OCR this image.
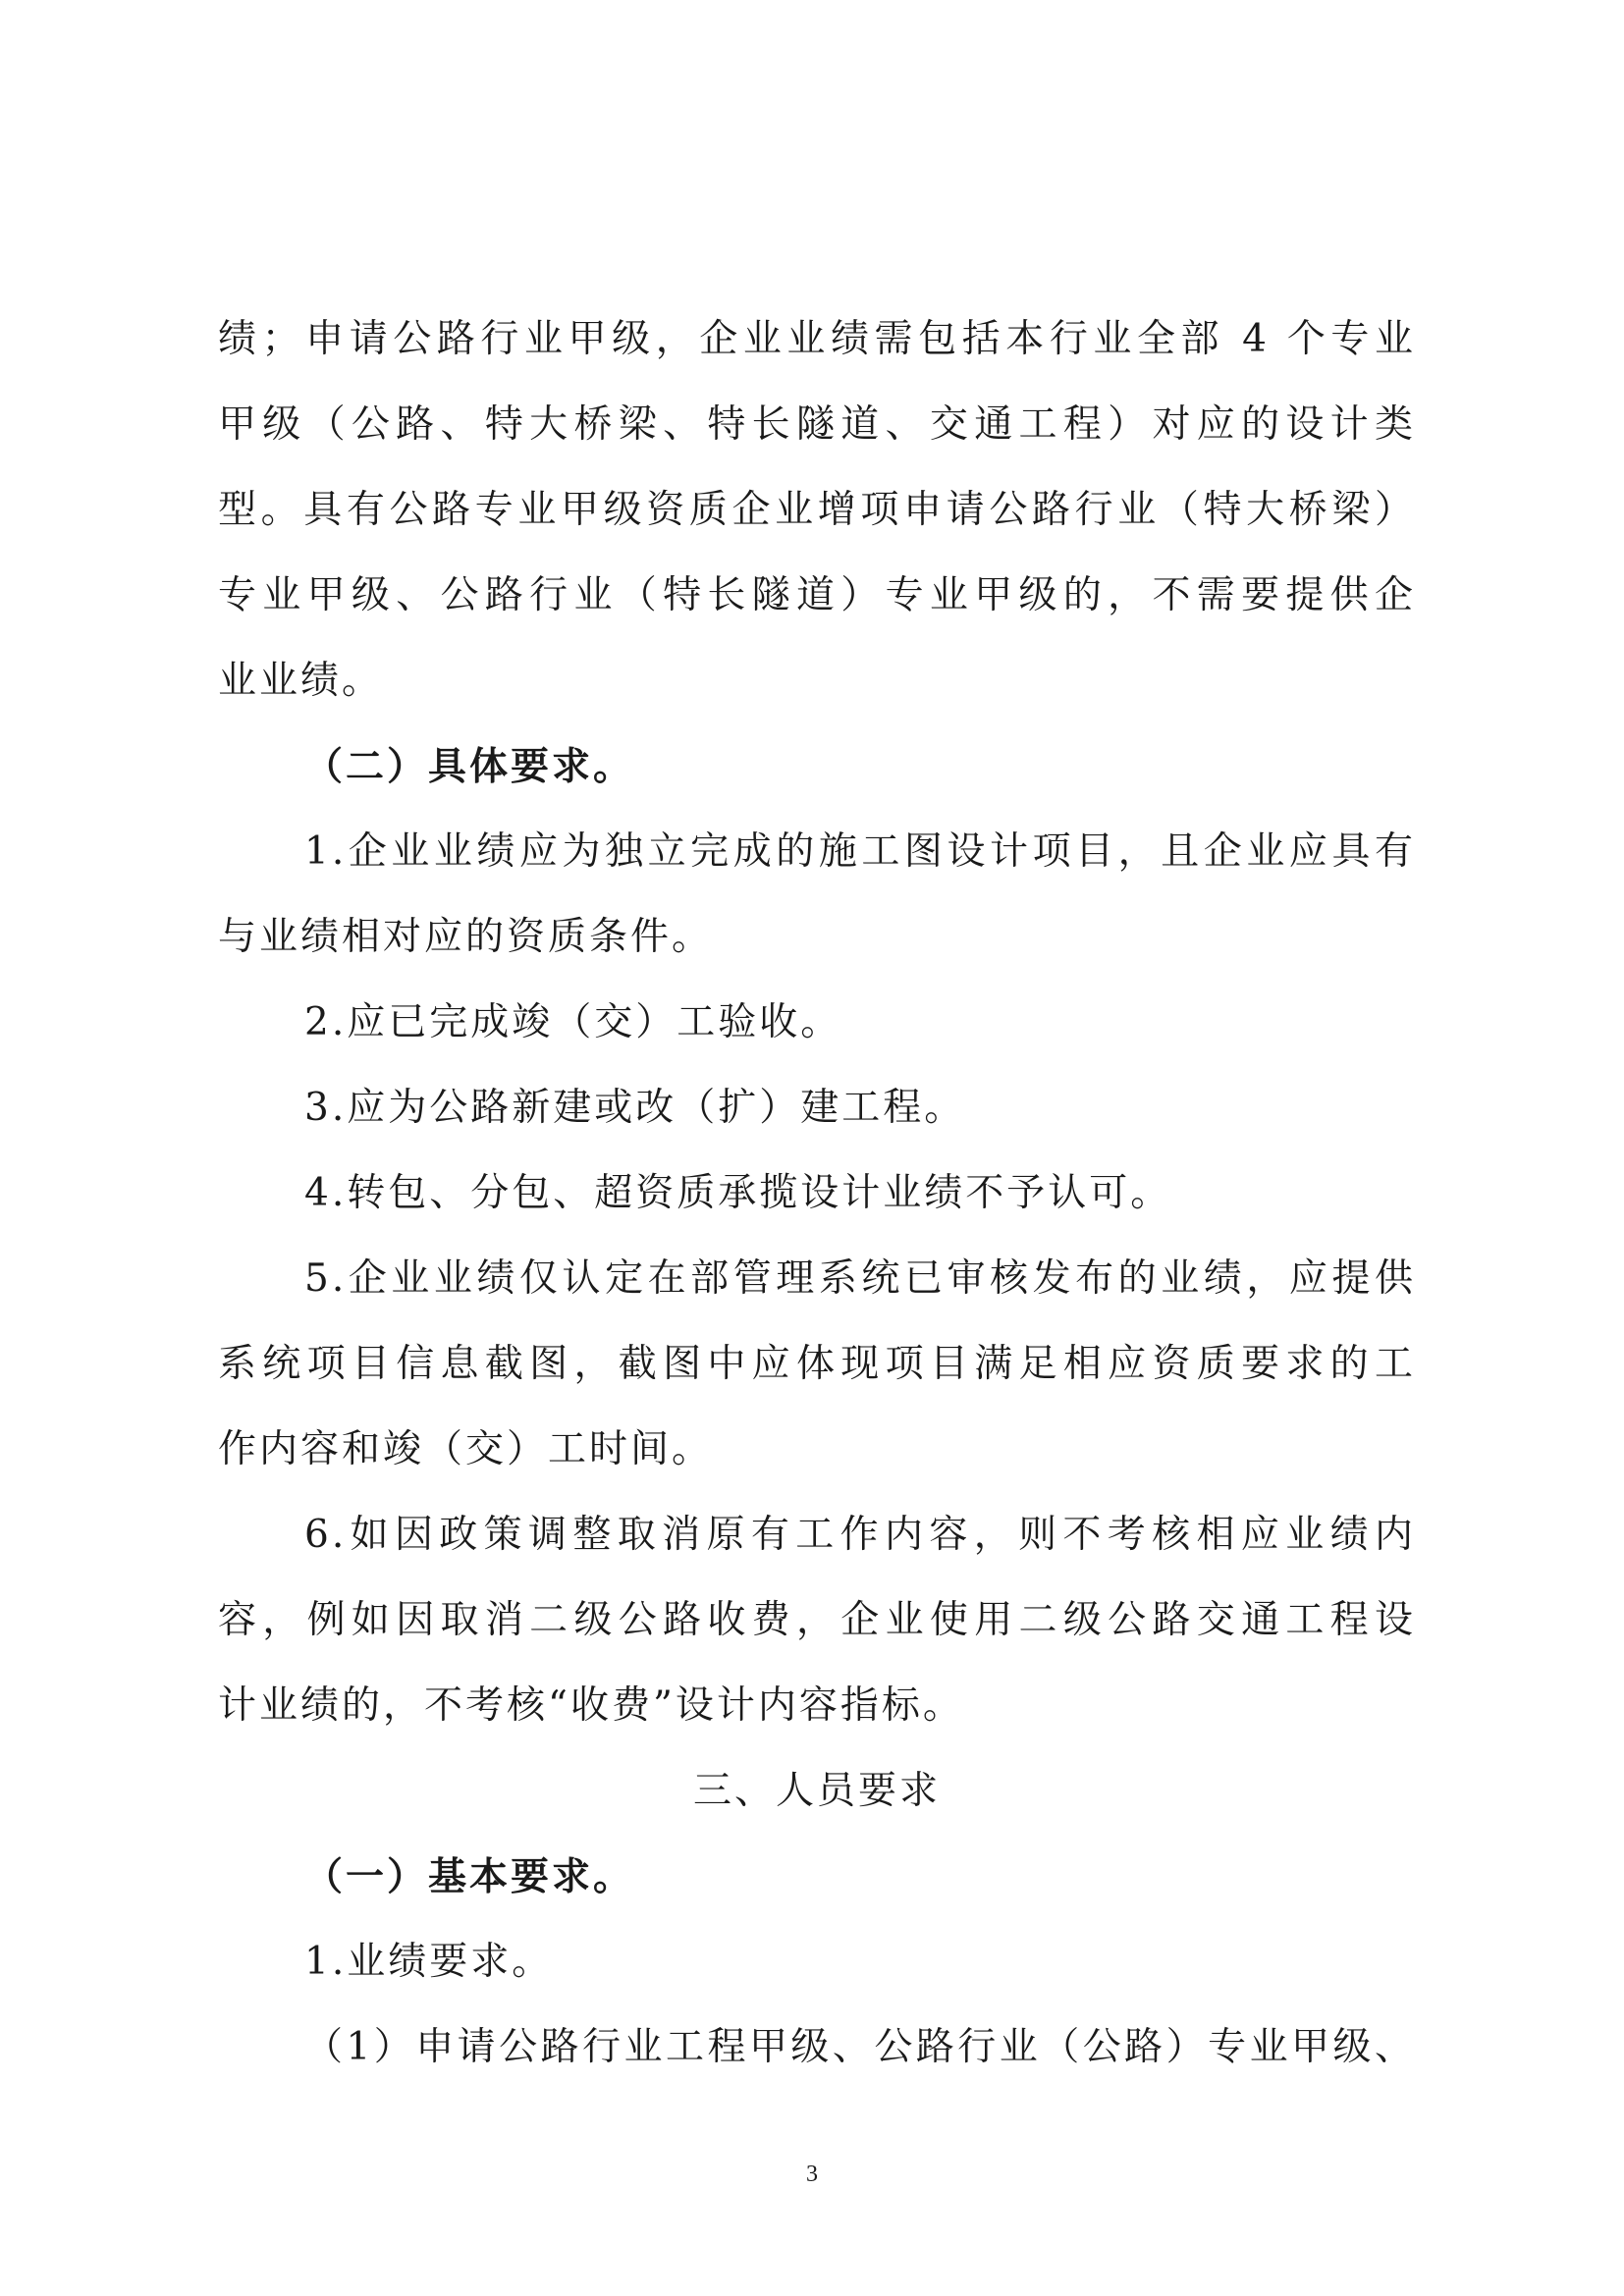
绩；申请公路行业甲级，企业业绩需包括本行业全部 4 个专业
甲级（公路、特大桥梁、特长隧道、交通工程）对应的设计类
型。具有公路专业甲级资质企业增项申请公路行业（特大桥梁）
专业甲级、公路行业（特长隧道）专业甲级的，不需要提供企
业业绩。
（二）具体要求。
1.企业业绩应为独立完成的施工图设计项目，且企业应具有
与业绩相对应的资质条件。
2.应已完成竣（交）工验收。
3.应为公路新建或改（扩）建工程。
4.转包、分包、超资质承揽设计业绩不予认可。
5.企业业绩仅认定在部管理系统已审核发布的业绩，应提供
系统项目信息截图，截图中应体现项目满足相应资质要求的工
作内容和竣（交）工时间。
6.如因政策调整取消原有工作内容，则不考核相应业绩内
容，例如因取消二级公路收费，企业使用二级公路交通工程设
计业绩的，不考核“收费”设计内容指标。
三、人员要求
（一）基本要求。
1.业绩要求。
（1）申请公路行业工程甲级、公路行业（公路）专业甲级、
3
